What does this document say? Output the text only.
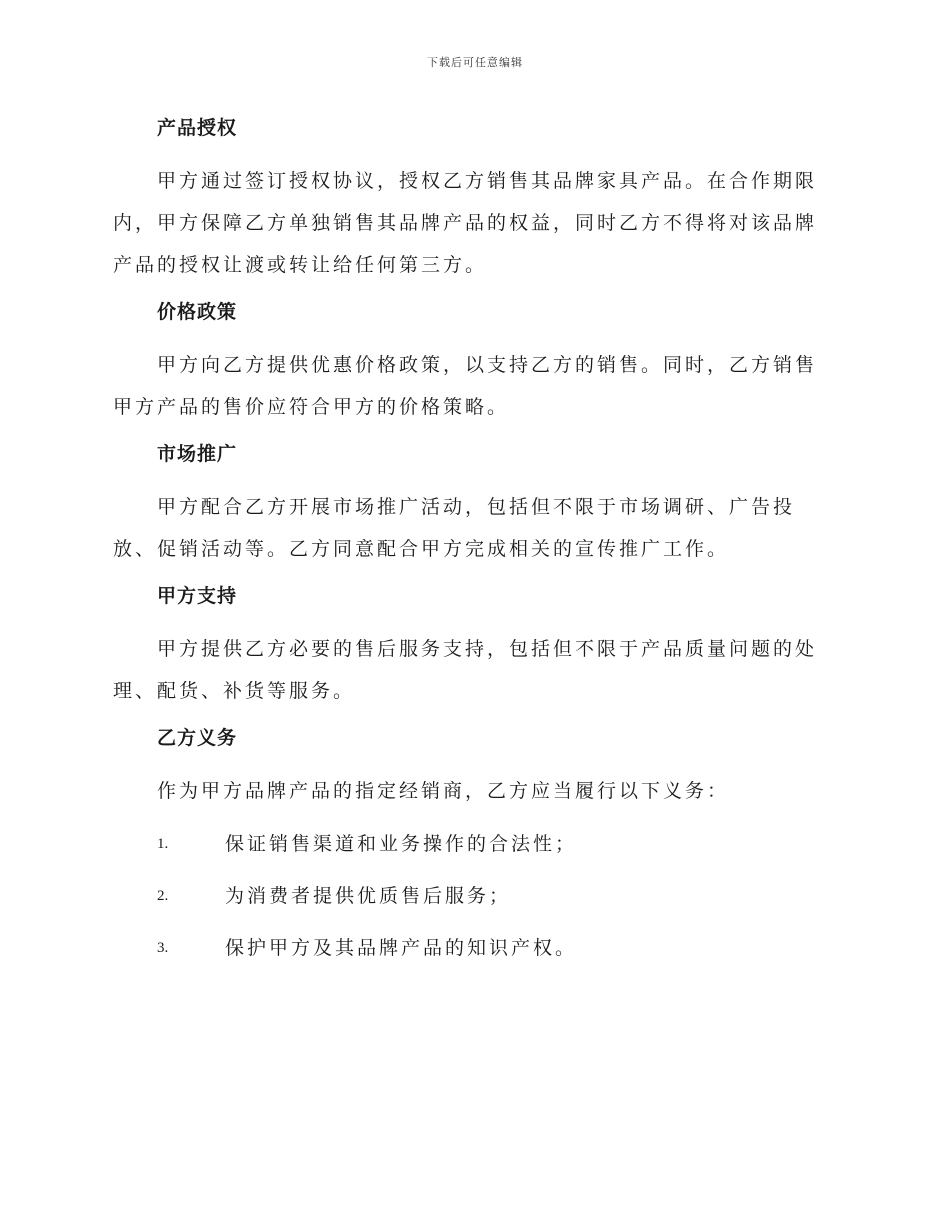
下载后可任意编辑
产品授权

甲方通过签订授权协议，授权乙方销售其品牌家具产品。在合作期限内，甲方保障乙方单独销售其品牌产品的权益，同时乙方不得将对该品牌产品的授权让渡或转让给任何第三方。

价格政策

甲方向乙方提供优惠价格政策，以支持乙方的销售。同时，乙方销售甲方产品的售价应符合甲方的价格策略。

市场推广

甲方配合乙方开展市场推广活动，包括但不限于市场调研、广告投放、促销活动等。乙方同意配合甲方完成相关的宣传推广工作。

甲方支持

甲方提供乙方必要的售后服务支持，包括但不限于产品质量问题的处理、配货、补货等服务。

乙方义务

作为甲方品牌产品的指定经销商，乙方应当履行以下义务：

1.	保证销售渠道和业务操作的合法性；
2.	为消费者提供优质售后服务；
3.	保护甲方及其品牌产品的知识产权。
